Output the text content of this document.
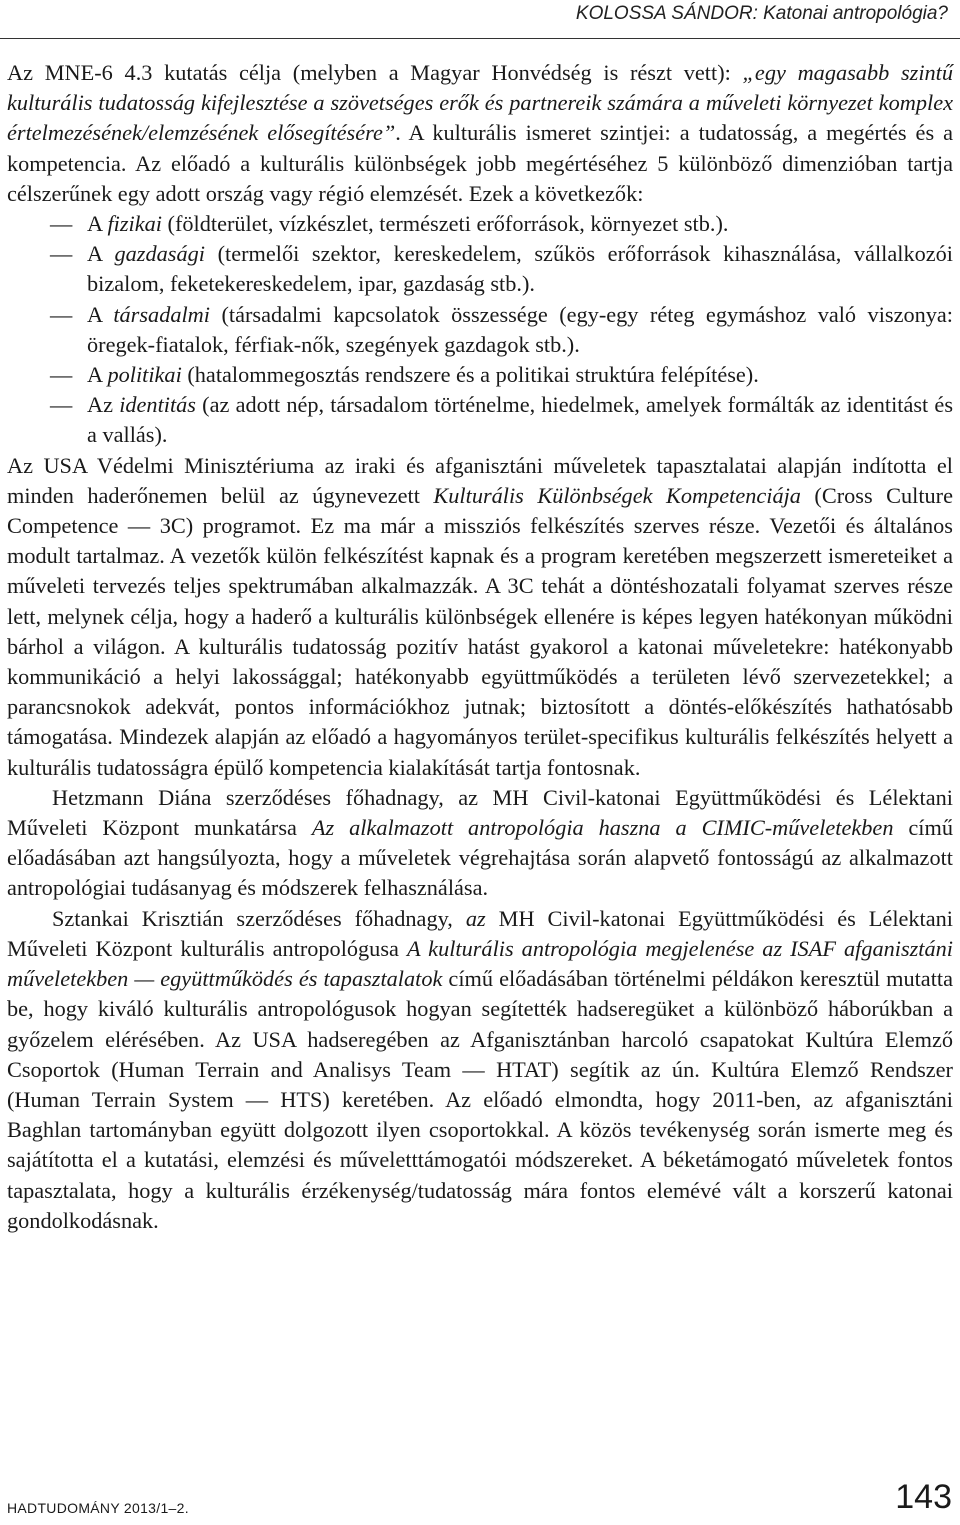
KOLOSSA SÁNDOR: Katonai antropológia?

Az MNE-6 4.3 kutatás célja (melyben a Magyar Honvédség is részt vett): „egy magasabb szintű kulturális tudatosság kifejlesztése a szövetséges erők és partnereik számára a műveleti környezet komplex értelmezésének/elemzésének elősegítésére”. A kulturális ismeret szintjei: a tudatosság, a megértés és a kompetencia. Az előadó a kulturális különbségek jobb megértéséhez 5 különböző dimenzióban tartja célszerűnek egy adott ország vagy régió elemzését. Ezek a következők:

— A fizikai (földterület, vízkészlet, természeti erőforrások, környezet stb.).
— A gazdasági (termelői szektor, kereskedelem, szűkös erőforrások kihasználása, vállalkozói bizalom, feketekereskedelem, ipar, gazdaság stb.).
— A társadalmi (társadalmi kapcsolatok összessége (egy-egy réteg egymáshoz való viszonya: öregek-fiatalok, férfiak-nők, szegények gazdagok stb.).
— A politikai (hatalommegosztás rendszere és a politikai struktúra felépítése).
— Az identitás (az adott nép, társadalom történelme, hiedelmek, amelyek formálták az identitást és a vallás).

Az USA Védelmi Minisztériuma az iraki és afganisztáni műveletek tapasztalatai alapján indította el minden haderőnemen belül az úgynevezett Kulturális Különbségek Kompetenciája (Cross Culture Competence — 3C) programot. Ez ma már a missziós felkészítés szerves része. Vezetői és általános modult tartalmaz. A vezetők külön felkészítést kapnak és a program keretében megszerzett ismereteiket a műveleti tervezés teljes spektrumában alkalmazzák. A 3C tehát a döntéshozatali folyamat szerves része lett, melynek célja, hogy a haderő a kulturális különbségek ellenére is képes legyen hatékonyan működni bárhol a világon. A kulturális tudatosság pozitív hatást gyakorol a katonai műveletekre: hatékonyabb kommunikáció a helyi lakossággal; hatékonyabb együttműködés a területen lévő szervezetekkel; a parancsnokok adekvát, pontos információkhoz jutnak; biztosított a döntés-előkészítés hathatósabb támogatása. Mindezek alapján az előadó a hagyományos terület-specifikus kulturális felkészítés helyett a kulturális tudatosságra épülő kompetencia kialakítását tartja fontosnak.

Hetzmann Diána szerződéses főhadnagy, az MH Civil-katonai Együttműködési és Lélektani Műveleti Központ munkatársa Az alkalmazott antropológia haszna a CIMIC-műveletekben című előadásában azt hangsúlyozta, hogy a műveletek végrehajtása során alapvető fontosságú az alkalmazott antropológiai tudásanyag és módszerek felhasználása.

Sztankai Krisztián szerződéses főhadnagy, az MH Civil-katonai Együttműködési és Lélektani Műveleti Központ kulturális antropológusa A kulturális antropológia megjelenése az ISAF afganisztáni műveletekben — együttműködés és tapasztalatok című előadásában történelmi példákon keresztül mutatta be, hogy kiváló kulturális antropológusok hogyan segítették hadseregüket a különböző háborúkban a győzelem elérésében. Az USA hadseregében az Afganisztánban harcoló csapatokat Kultúra Elemző Csoportok (Human Terrain and Analisys Team — HTAT) segítik az ún. Kultúra Elemző Rendszer (Human Terrain System — HTS) keretében. Az előadó elmondta, hogy 2011-ben, az afganisztáni Baghlan tartományban együtt dolgozott ilyen csoportokkal. A közös tevékenység során ismerte meg és sajátította el a kutatási, elemzési és műveletttámogatói módszereket. A béketámogató műveletek fontos tapasztalata, hogy a kulturális érzékenység/tudatosság mára fontos elemévé vált a korszerű katonai gondolkodásnak.

HADTUDOMÁNY 2013/1–2.	143
